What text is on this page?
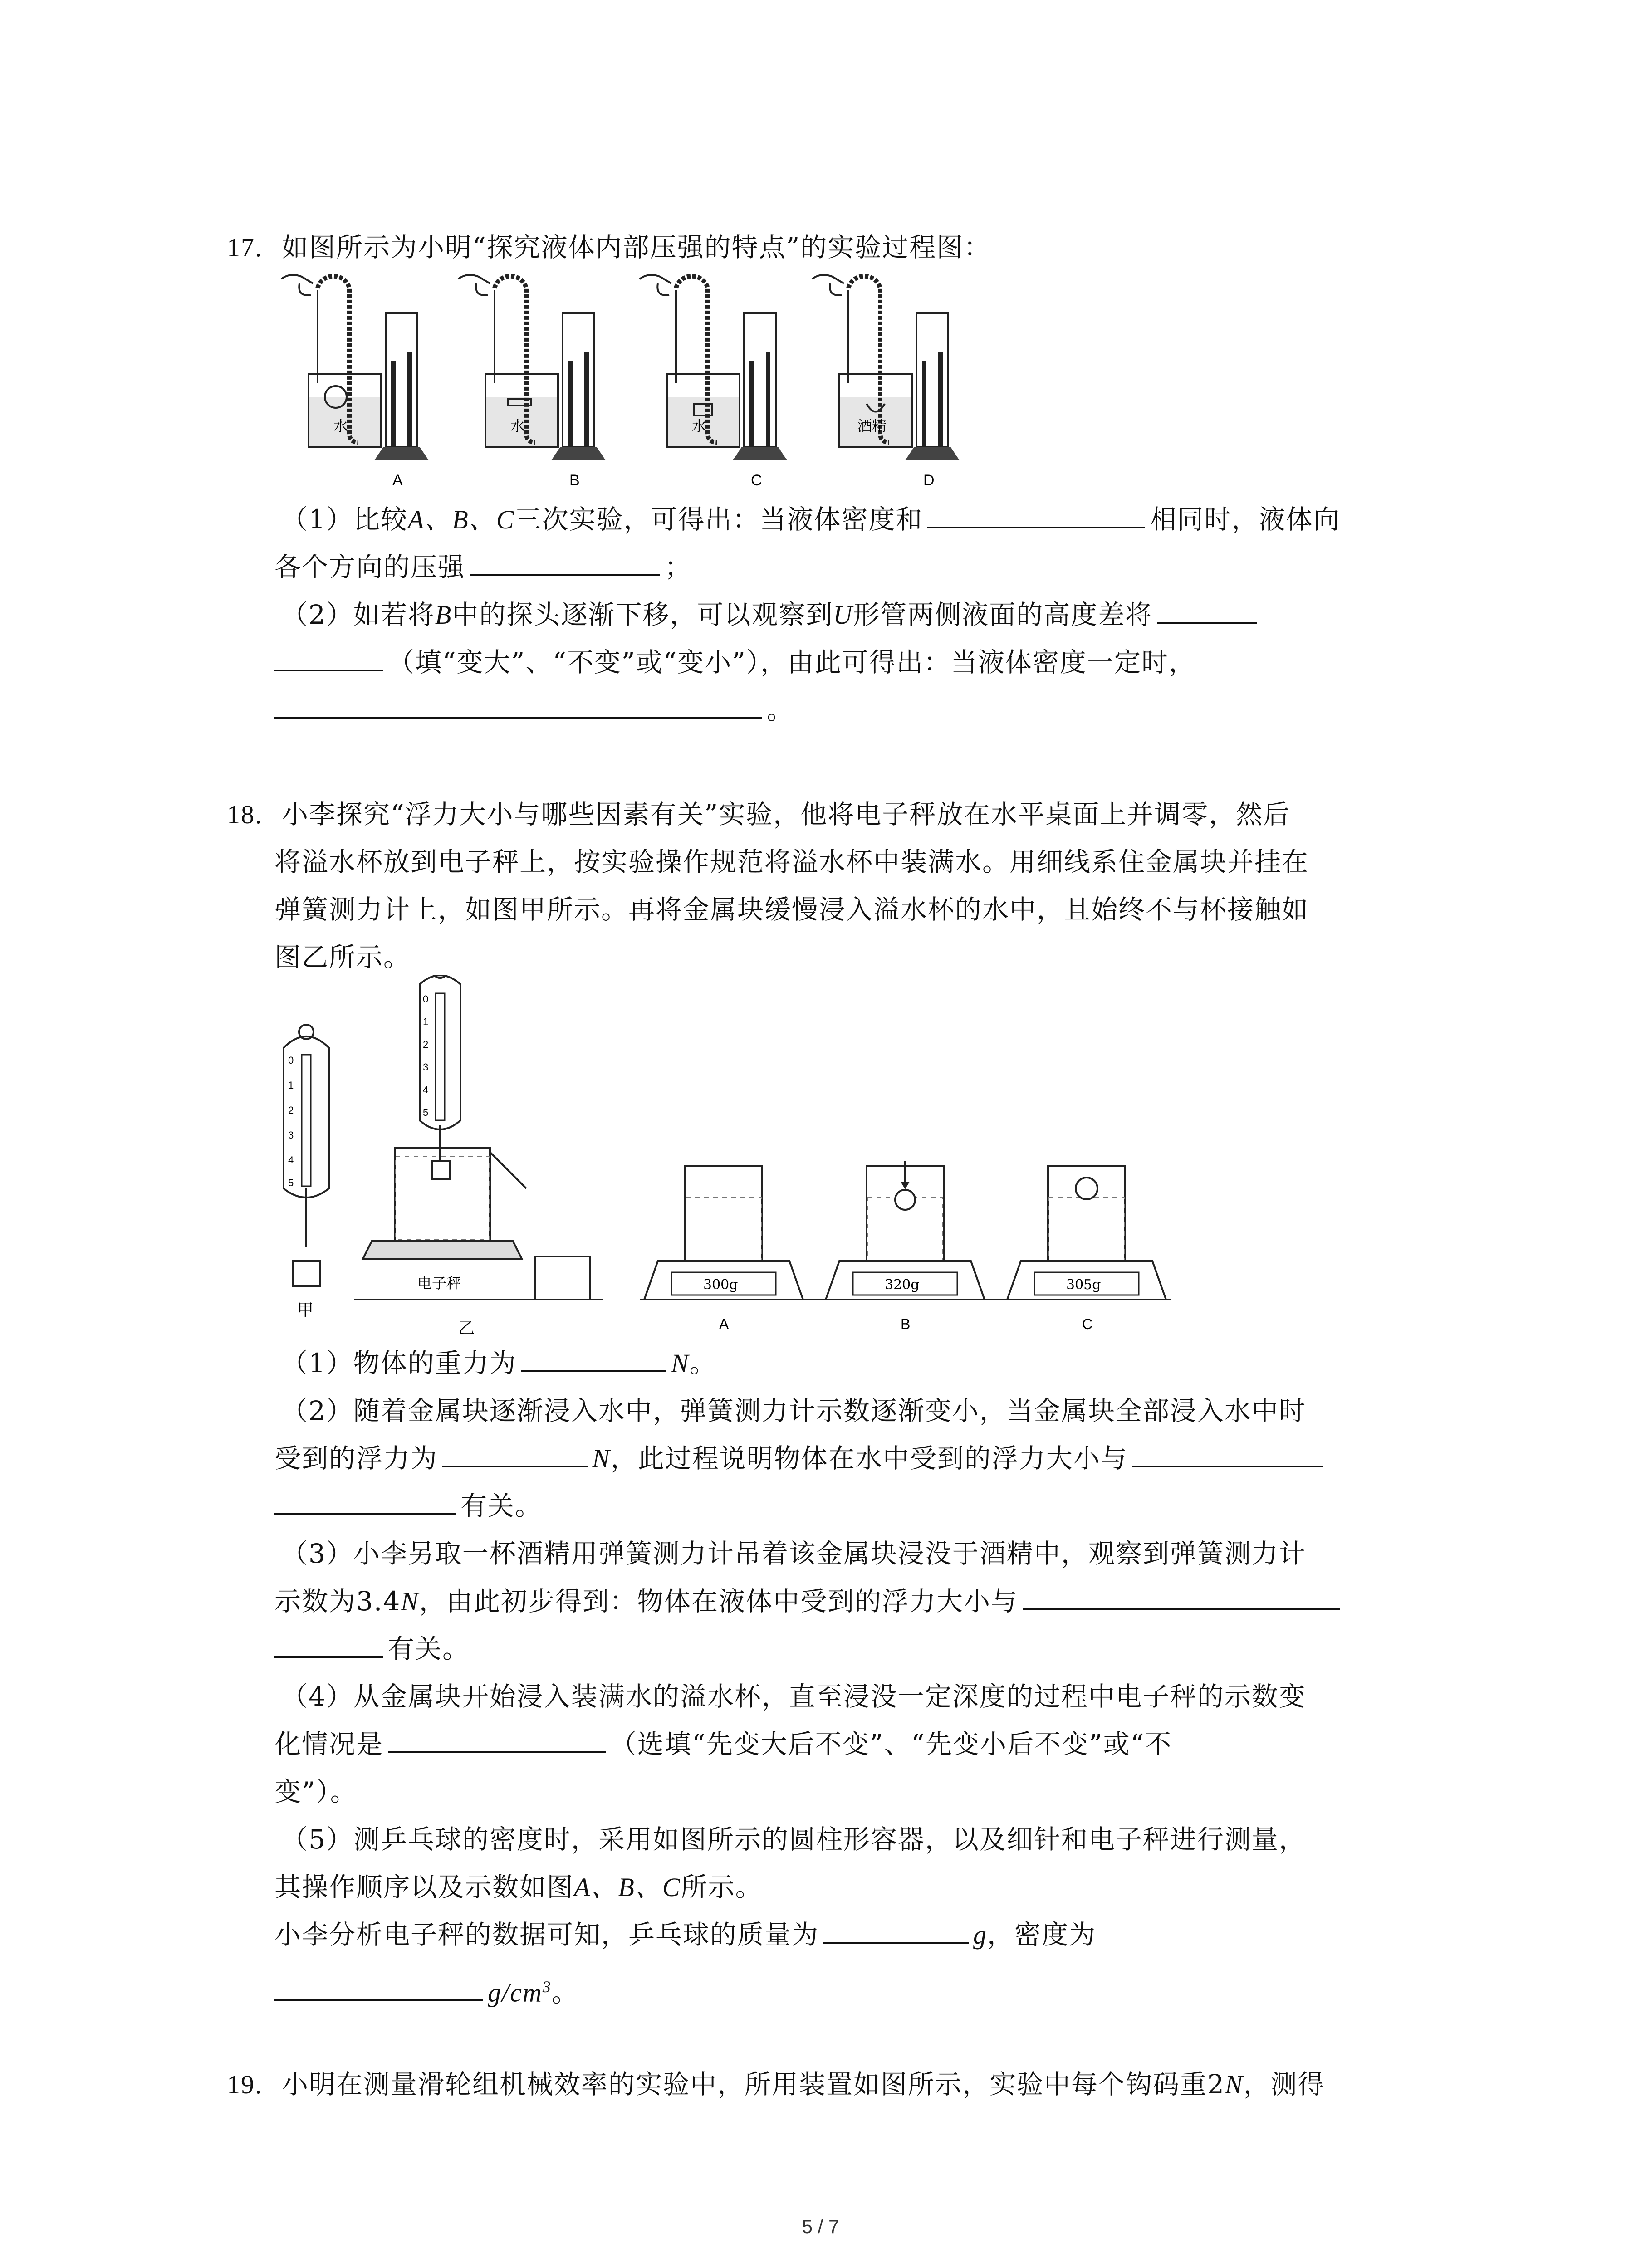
17. 如图所示为小明“探究液体内部压强的特点”的实验过程图：
水	水	水	酒精
A	B	C	D
（1）比较A、B、C三次实验，可得出：当液体密度和	相同时，液体向
各个方向的压强	；
（2）如若将B中的探头逐渐下移，可以观察到U形管两侧液面的高度差将
（填“变大”、“不变”或“变小”），由此可得出：当液体密度一定时，
。
18. 小李探究“浮力大小与哪些因素有关”实验，他将电子秤放在水平桌面上并调零，然后
将溢水杯放到电子秤上，按实验操作规范将溢水杯中装满水。用细线系住金属块并挂在
弹簧测力计上，如图甲所示。再将金属块缓慢浸入溢水杯的水中，且始终不与杯接触如
图乙所示。
甲
电子秤
乙
300g	320g	305g
A	B	C
0
1
2
3
4
5
0
1
2
3
4
5
（1）物体的重力为	N。
（2）随着金属块逐渐浸入水中，弹簧测力计示数逐渐变小，当金属块全部浸入水中时
受到的浮力为	N，此过程说明物体在水中受到的浮力大小与
有关。
（3）小李另取一杯酒精用弹簧测力计吊着该金属块浸没于酒精中，观察到弹簧测力计
示数为3.4N，由此初步得到：物体在液体中受到的浮力大小与
有关。
（4）从金属块开始浸入装满水的溢水杯，直至浸没一定深度的过程中电子秤的示数变
化情况是	（选填“先变大后不变”、“先变小后不变”或“不
变”）。
（5）测乒乓球的密度时，采用如图所示的圆柱形容器，以及细针和电子秤进行测量，
其操作顺序以及示数如图A、B、C所示。
小李分析电子秤的数据可知，乒乓球的质量为	g，密度为
$g/cm^3$。
19. 小明在测量滑轮组机械效率的实验中，所用装置如图所示，实验中每个钩码重2N，测得
5 / 7
